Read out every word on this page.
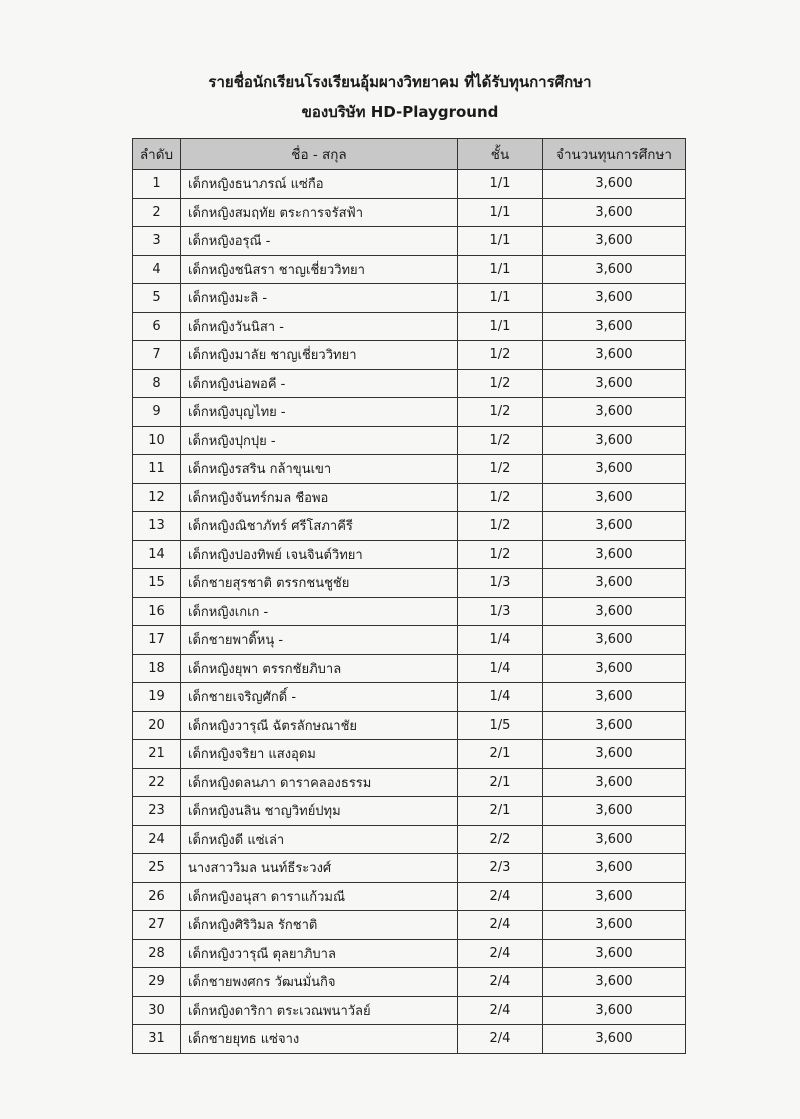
รายชื่อนักเรียนโรงเรียนอุ้มผางวิทยาคม ที่ได้รับทุนการศึกษา
ของบริษัท HD-Playground
ลำดับ	ชื่อ - สกุล	ชั้น	จำนวนทุนการศึกษา
1	เด็กหญิงธนาภรณ์ แซ่กือ	1/1	3,600
2	เด็กหญิงสมฤทัย ตระการจรัสฟ้า	1/1	3,600
3	เด็กหญิงอรุณี -	1/1	3,600
4	เด็กหญิงชนิสรา ชาญเชี่ยววิทยา	1/1	3,600
5	เด็กหญิงมะลิ -	1/1	3,600
6	เด็กหญิงวันนิสา -	1/1	3,600
7	เด็กหญิงมาลัย ชาญเชี่ยววิทยา	1/2	3,600
8	เด็กหญิงน่อพอคี -	1/2	3,600
9	เด็กหญิงบุญไทย -	1/2	3,600
10	เด็กหญิงปุกปุย -	1/2	3,600
11	เด็กหญิงรสริน กล้าขุนเขา	1/2	3,600
12	เด็กหญิงจันทร์กมล ชือพอ	1/2	3,600
13	เด็กหญิงณิชาภัทร์ ศรีโสภาคีรี	1/2	3,600
14	เด็กหญิงปองทิพย์ เจนจินต์วิทยา	1/2	3,600
15	เด็กชายสุรชาติ ตรรกชนชูชัย	1/3	3,600
16	เด็กหญิงเกเก -	1/3	3,600
17	เด็กชายพาดิ๊หนุ -	1/4	3,600
18	เด็กหญิงยุพา ตรรกชัยภิบาล	1/4	3,600
19	เด็กชายเจริญศักดิ์ -	1/4	3,600
20	เด็กหญิงวารุณี ฉัตรลักษณาชัย	1/5	3,600
21	เด็กหญิงจริยา แสงอุดม	2/1	3,600
22	เด็กหญิงดลนภา ดาราคลองธรรม	2/1	3,600
23	เด็กหญิงนลิน ชาญวิทย์ปทุม	2/1	3,600
24	เด็กหญิงดี แซ่เล่า	2/2	3,600
25	นางสาววิมล นนท์ธีระวงศ์	2/3	3,600
26	เด็กหญิงอนุสา ดาราแก้วมณี	2/4	3,600
27	เด็กหญิงศิริวิมล รักชาติ	2/4	3,600
28	เด็กหญิงวารุณี ตุลยาภิบาล	2/4	3,600
29	เด็กชายพงศกร วัฒนมั่นกิจ	2/4	3,600
30	เด็กหญิงดาริกา ตระเวณพนาวัลย์	2/4	3,600
31	เด็กชายยุทธ แซ่จาง	2/4	3,600
